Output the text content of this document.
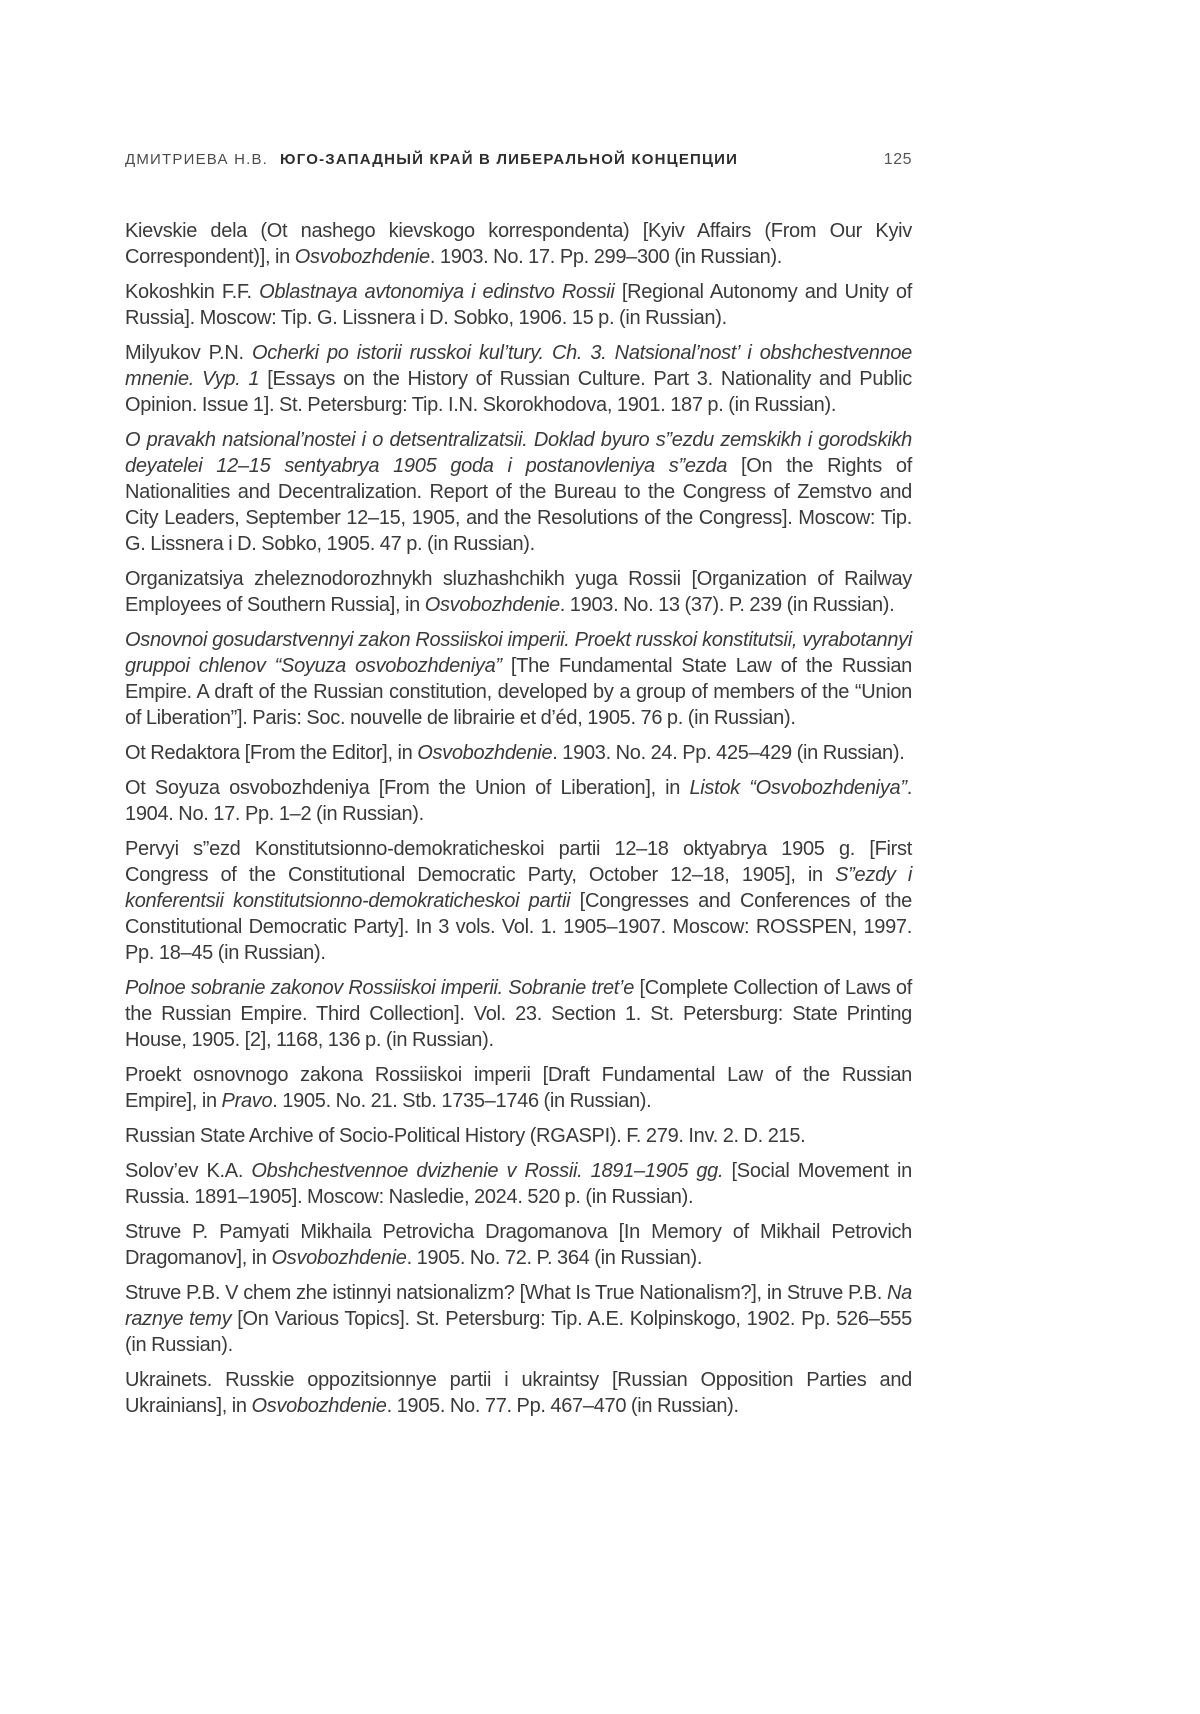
ДМИТРИЕВА Н.В. ЮГО-ЗАПАДНЫЙ КРАЙ В ЛИБЕРАЛЬНОЙ КОНЦЕПЦИИ	125

Kievskie dela (Ot nashego kievskogo korrespondenta) [Kyiv Affairs (From Our Kyiv Correspondent)], in Osvobozhdenie. 1903. No. 17. Pp. 299–300 (in Russian).

Kokoshkin F.F. Oblastnaya avtonomiya i edinstvo Rossii [Regional Autonomy and Unity of Russia]. Moscow: Tip. G. Lissnera i D. Sobko, 1906. 15 p. (in Russian).

Milyukov P.N. Ocherki po istorii russkoi kul’tury. Ch. 3. Natsional’nost’ i obshchestvennoe mnenie. Vyp. 1 [Essays on the History of Russian Culture. Part 3. Nationality and Public Opinion. Issue 1]. St. Petersburg: Tip. I.N. Skorokhodova, 1901. 187 p. (in Russian).

O pravakh natsional’nostei i o detsentralizatsii. Doklad byuro s”ezdu zemskikh i gorodskikh deyatelei 12–15 sentyabrya 1905 goda i postanovleniya s”ezda [On the Rights of Nationalities and Decentralization. Report of the Bureau to the Congress of Zemstvo and City Leaders, September 12–15, 1905, and the Resolutions of the Congress]. Moscow: Tip. G. Lissnera i D. Sobko, 1905. 47 p. (in Russian).

Organizatsiya zheleznodorozhnykh sluzhashchikh yuga Rossii [Organization of Railway Employees of Southern Russia], in Osvobozhdenie. 1903. No. 13 (37). P. 239 (in Russian).

Osnovnoi gosudarstvennyi zakon Rossiiskoi imperii. Proekt russkoi konstitutsii, vyrabotannyi gruppoi chlenov “Soyuza osvobozhdeniya” [The Fundamental State Law of the Russian Empire. A draft of the Russian constitution, developed by a group of members of the “Union of Liberation”]. Paris: Soc. nouvelle de librairie et d’éd, 1905. 76 p. (in Russian).

Ot Redaktora [From the Editor], in Osvobozhdenie. 1903. No. 24. Pp. 425–429 (in Russian).

Ot Soyuza osvobozhdeniya [From the Union of Liberation], in Listok “Osvobozhdeniya”. 1904. No. 17. Pp. 1–2 (in Russian).

Pervyi s”ezd Konstitutsionno-demokraticheskoi partii 12–18 oktyabrya 1905 g. [First Congress of the Constitutional Democratic Party, October 12–18, 1905], in S”ezdy i konferentsii konstitutsionno-demokraticheskoi partii [Congresses and Conferences of the Constitutional Democratic Party]. In 3 vols. Vol. 1. 1905–1907. Moscow: ROSSPEN, 1997. Pp. 18–45 (in Russian).

Polnoe sobranie zakonov Rossiiskoi imperii. Sobranie tret’e [Complete Collection of Laws of the Russian Empire. Third Collection]. Vol. 23. Section 1. St. Petersburg: State Printing House, 1905. [2], 1168, 136 p. (in Russian).

Proekt osnovnogo zakona Rossiiskoi imperii [Draft Fundamental Law of the Russian Empire], in Pravo. 1905. No. 21. Stb. 1735–1746 (in Russian).

Russian State Archive of Socio-Political History (RGASPI). F. 279. Inv. 2. D. 215.

Solov’ev K.A. Obshchestvennoe dvizhenie v Rossii. 1891–1905 gg. [Social Movement in Russia. 1891–1905]. Moscow: Nasledie, 2024. 520 p. (in Russian).

Struve P. Pamyati Mikhaila Petrovicha Dragomanova [In Memory of Mikhail Petrovich Dragomanov], in Osvobozhdenie. 1905. No. 72. P. 364 (in Russian).

Struve P.B. V chem zhe istinnyi natsionalizm? [What Is True Nationalism?], in Struve P.B. Na raznye temy [On Various Topics]. St. Petersburg: Tip. A.E. Kolpinskogo, 1902. Pp. 526–555 (in Russian).

Ukrainets. Russkie oppozitsionnye partii i ukraintsy [Russian Opposition Parties and Ukrainians], in Osvobozhdenie. 1905. No. 77. Pp. 467–470 (in Russian).
